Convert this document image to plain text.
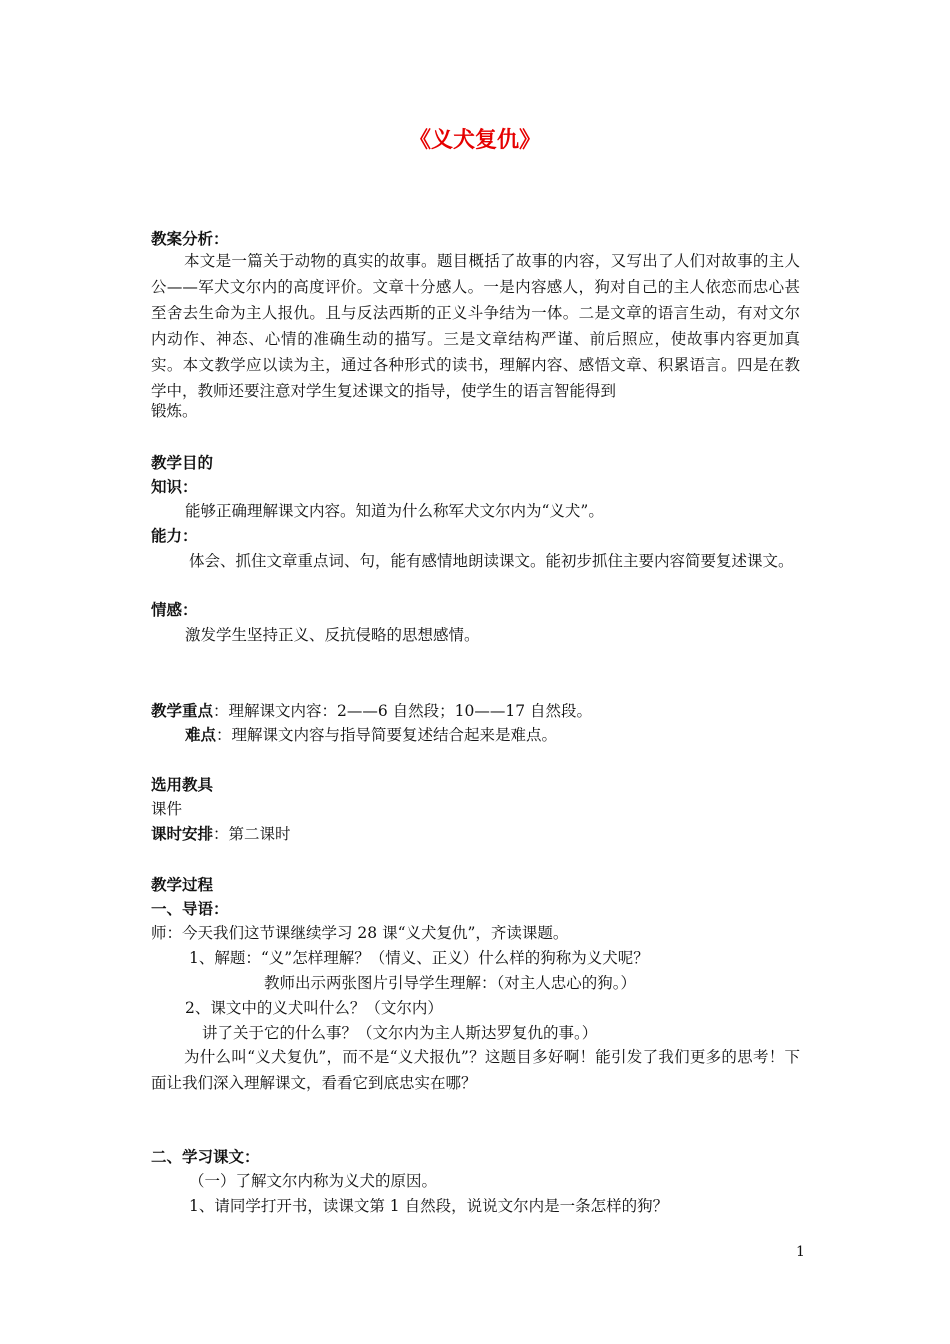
《义犬复仇》
教案分析：
本文是一篇关于动物的真实的故事。题目概括了故事的内容，又写出了人们对故事的主人公——军犬文尔内的高度评价。文章十分感人。一是内容感人，狗对自己的主人依恋而忠心甚至舍去生命为主人报仇。且与反法西斯的正义斗争结为一体。二是文章的语言生动，有对文尔内动作、神态、心情的准确生动的描写。三是文章结构严谨、前后照应，使故事内容更加真实。本文教学应以读为主，通过各种形式的读书，理解内容、感悟文章、积累语言。四是在教学中，教师还要注意对学生复述课文的指导，使学生的语言智能得到
锻炼。
教学目的
知识：
能够正确理解课文内容。知道为什么称军犬文尔内为“义犬”。
能力：
体会、抓住文章重点词、句，能有感情地朗读课文。能初步抓住主要内容简要复述课文。
情感：
激发学生坚持正义、反抗侵略的思想感情。
教学重点：理解课文内容：2——6 自然段；10——17 自然段。
难点：理解课文内容与指导简要复述结合起来是难点。
选用教具
课件
课时安排：第二课时
教学过程
一、导语：
师：今天我们这节课继续学习 28 课“义犬复仇”，齐读课题。
1、解题：“义”怎样理解？（情义、正义）什么样的狗称为义犬呢？
教师出示两张图片引导学生理解：（对主人忠心的狗。）
2、课文中的义犬叫什么？（文尔内）
讲了关于它的什么事？（文尔内为主人斯达罗复仇的事。）
为什么叫“义犬复仇”，而不是“义犬报仇”？这题目多好啊！能引发了我们更多的思考！下面让我们深入理解课文，看看它到底忠实在哪？
二、学习课文：
（一）了解文尔内称为义犬的原因。
1、请同学打开书，读课文第 1 自然段，说说文尔内是一条怎样的狗？
1
